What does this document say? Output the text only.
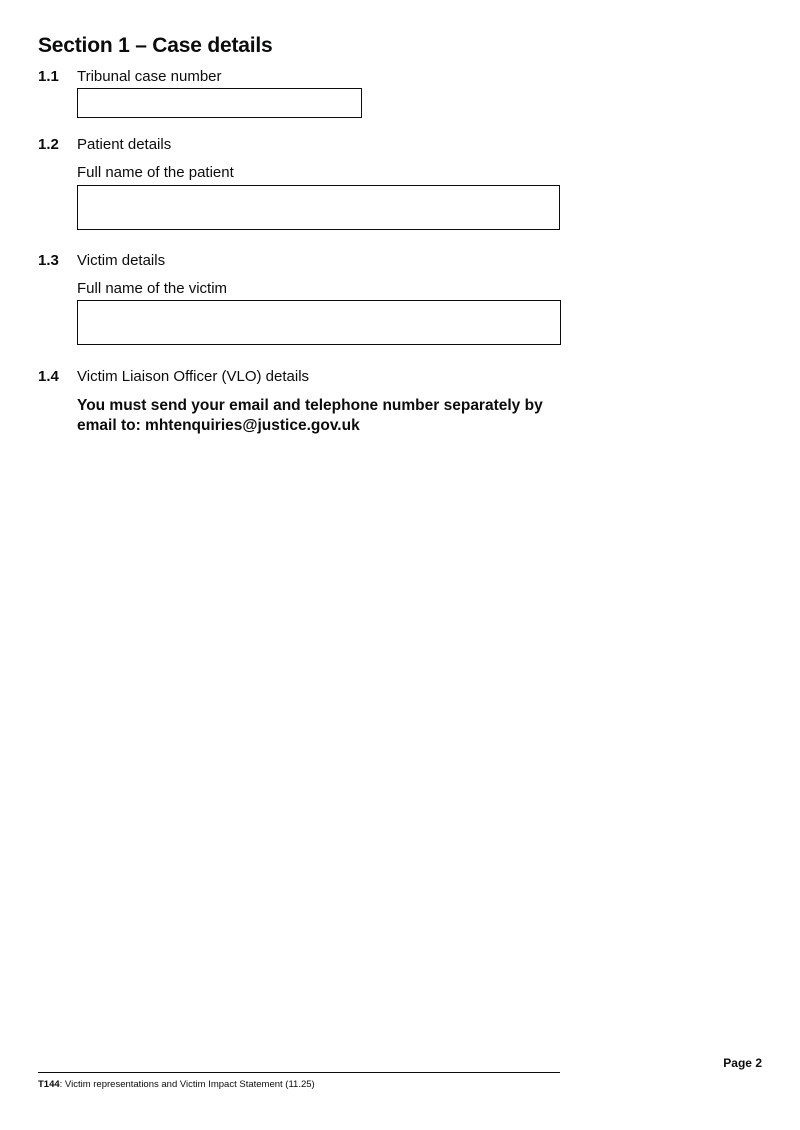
Section 1 – Case details
1.1 Tribunal case number
1.2 Patient details
Full name of the patient
1.3 Victim details
Full name of the victim
1.4 Victim Liaison Officer (VLO) details

You must send your email and telephone number separately by email to: mhtenquiries@justice.gov.uk

Page 2
T144: Victim representations and Victim Impact Statement (11.25)
